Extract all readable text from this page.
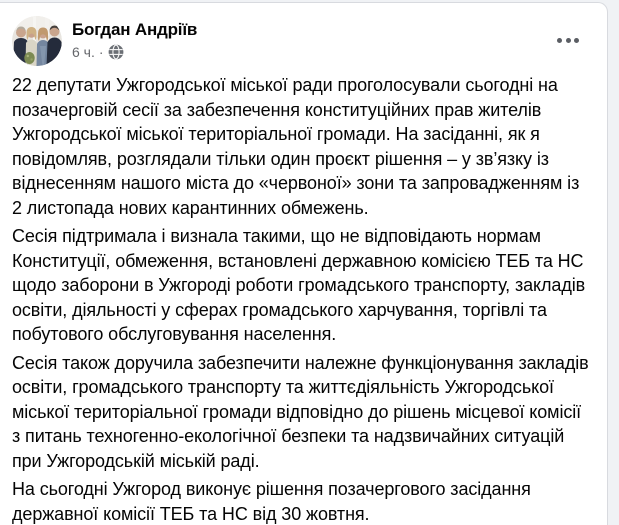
Богдан Андріїв
6 ч. ·
22 депутати Ужгородської міської ради проголосували сьогодні на позачерговій сесії за забезпечення конституційних прав жителів Ужгородської міської територіальної громади. На засіданні, як я повідомляв, розглядали тільки один проєкт рішення – у зв’язку із віднесенням нашого міста до «червоної» зони та запровадженням із 2 листопада нових карантинних обмежень.
Сесія підтримала і визнала такими, що не відповідають нормам Конституції, обмеження, встановлені державною комісією ТЕБ та НС щодо заборони в Ужгороді роботи громадського транспорту, закладів освіти, діяльності у сферах громадського харчування, торгівлі та побутового обслуговування населення.
Сесія також доручила забезпечити належне функціонування закладів освіти, громадського транспорту та життєдіяльність Ужгородської міської територіальної громади відповідно до рішень місцевої комісії з питань техногенно-екологічної безпеки та надзвичайних ситуацій при Ужгородській міській раді.
На сьогодні Ужгород виконує рішення позачергового засідання державної комісії ТЕБ та НС від 30 жовтня.
